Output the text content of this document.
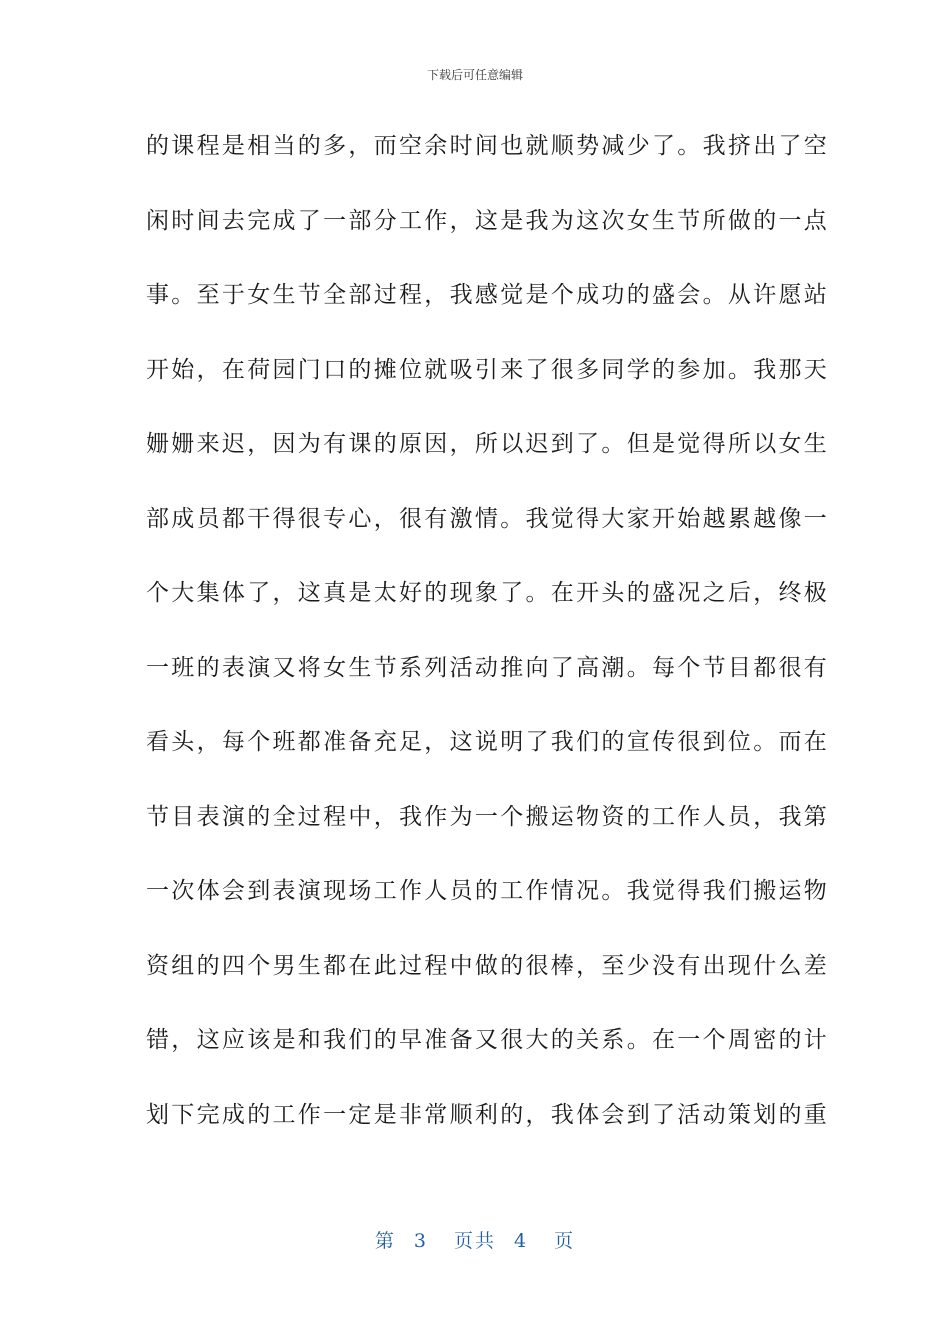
下载后可任意编辑
的课程是相当的多，而空余时间也就顺势减少了。我挤出了空
闲时间去完成了一部分工作，这是我为这次女生节所做的一点
事。至于女生节全部过程，我感觉是个成功的盛会。从许愿站
开始，在荷园门口的摊位就吸引来了很多同学的参加。我那天
姗姗来迟，因为有课的原因，所以迟到了。但是觉得所以女生
部成员都干得很专心，很有激情。我觉得大家开始越累越像一
个大集体了，这真是太好的现象了。在开头的盛况之后，终极
一班的表演又将女生节系列活动推向了高潮。每个节目都很有
看头，每个班都准备充足，这说明了我们的宣传很到位。而在
节目表演的全过程中，我作为一个搬运物资的工作人员，我第
一次体会到表演现场工作人员的工作情况。我觉得我们搬运物
资组的四个男生都在此过程中做的很棒，至少没有出现什么差
错，这应该是和我们的早准备又很大的关系。在一个周密的计
划下完成的工作一定是非常顺利的，我体会到了活动策划的重
第 3 页共 4 页
